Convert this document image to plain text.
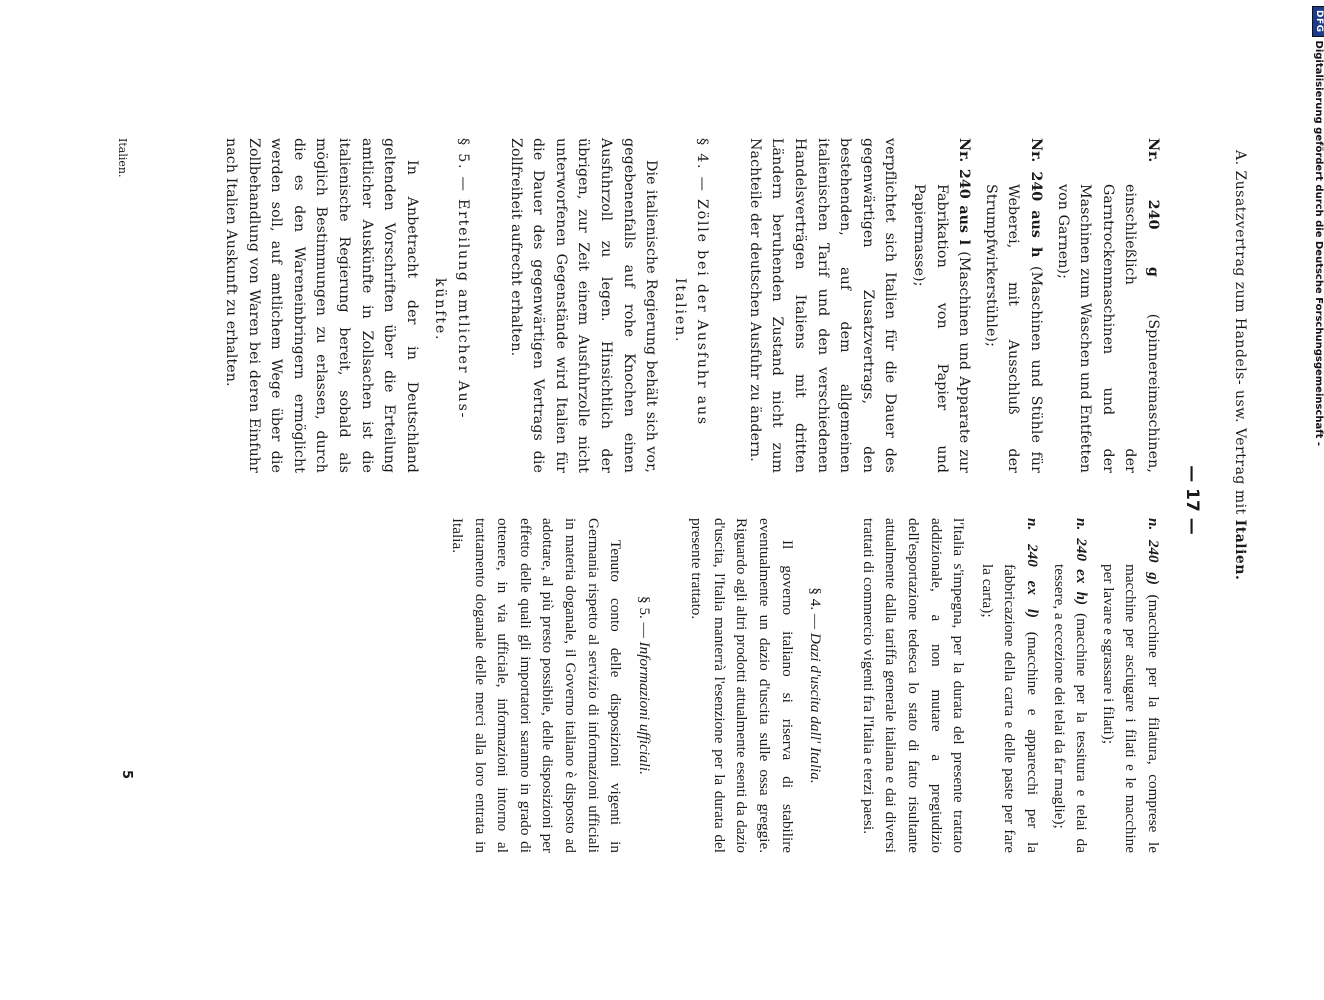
A. Zusatzvertrag zum Handels- usw. Vertrag mit Italien.
— 17 —

Nr. 240 g (Spinnereimaschinen, einschließlich der Garntrockenmaschinen und der Maschinen zum Waschen und Entfetten von Garnen);

Nr. 240 aus h (Maschinen und Stühle für Weberei, mit Ausschluß der Strumpfwirkerstühle);

Nr. 240 aus l (Maschinen und Apparate zur Fabrikation von Papier und Papiermasse);

verpflichtet sich Italien für die Dauer des gegenwärtigen Zusatzvertrags, den bestehenden, auf dem allgemeinen italienischen Tarif und den verschiedenen Handelsverträgen Italiens mit dritten Ländern beruhenden Zustand nicht zum Nachteile der deutschen Ausfuhr zu ändern.

§ 4. — Zölle bei der Ausfuhr aus
Italien.

Die italienische Regierung behält sich vor, gegebenenfalls auf rohe Knochen einen Ausfuhrzoll zu legen. Hinsichtlich der übrigen, zur Zeit einem Ausfuhrzolle nicht unterworfenen Gegenstände wird Italien für die Dauer des gegenwärtigen Vertrags die Zollfreiheit aufrecht erhalten.

§ 5. — Erteilung amtlicher Aus-
künfte.

In Anbetracht der in Deutschland geltenden Vorschriften über die Erteilung amtlicher Auskünfte in Zollsachen ist die italienische Regierung bereit, sobald als möglich Bestimmungen zu erlassen, durch die es den Wareneinbringern ermöglicht werden soll, auf amtlichem Wege über die Zollbehandlung von Waren bei deren Einfuhr nach Italien Auskunft zu erhalten.

n. 240 g) (macchine per la filatura, comprese le macchine per asciugare i filati e le macchine per lavare e sgrassare i filati);

n. 240 ex h) (macchine per la tessitura e telai da tessere, a eccezione dei telai da far maglie);

n. 240 ex l) (macchine e apparecchi per la fabbricazione della carta e delle paste per fare la carta);

l'Italia s'impegna, per la durata del presente trattato addizionale, a non mutare a pregiudizio dell'esportazione tedesca lo stato di fatto risultante attualmente dalla tariffa generale italiana e dai diversi trattati di commercio vigenti fra l'Italia e terzi paesi.

§ 4. — Dazi d'uscita dall' Italia.

Il governo italiano si riserva di stabilire eventualmente un dazio d'uscita sulle ossa greggie. Riguardo agli altri prodotti attualmente esenti da dazio d'uscita, l'Italia manterrà l'esenzione per la durata del presente trattato.

§ 5. — Informazioni ufficiali.

Tenuto conto delle disposizioni vigenti in Germania rispetto al servizio di informazioni ufficiali in materia doganale, il Governo italiano è disposto ad adottare, al più presto possibile, delle disposizioni per effetto delle quali gli importatori saranno in grado di ottenere, in via ufficiale, informazioni intorno al trattamento doganale delle merci alla loro entrata in Italia.

Italien.
5
DFG
Digitalisierung gefördert durch die Deutsche Forschungsgemeinschaft -
